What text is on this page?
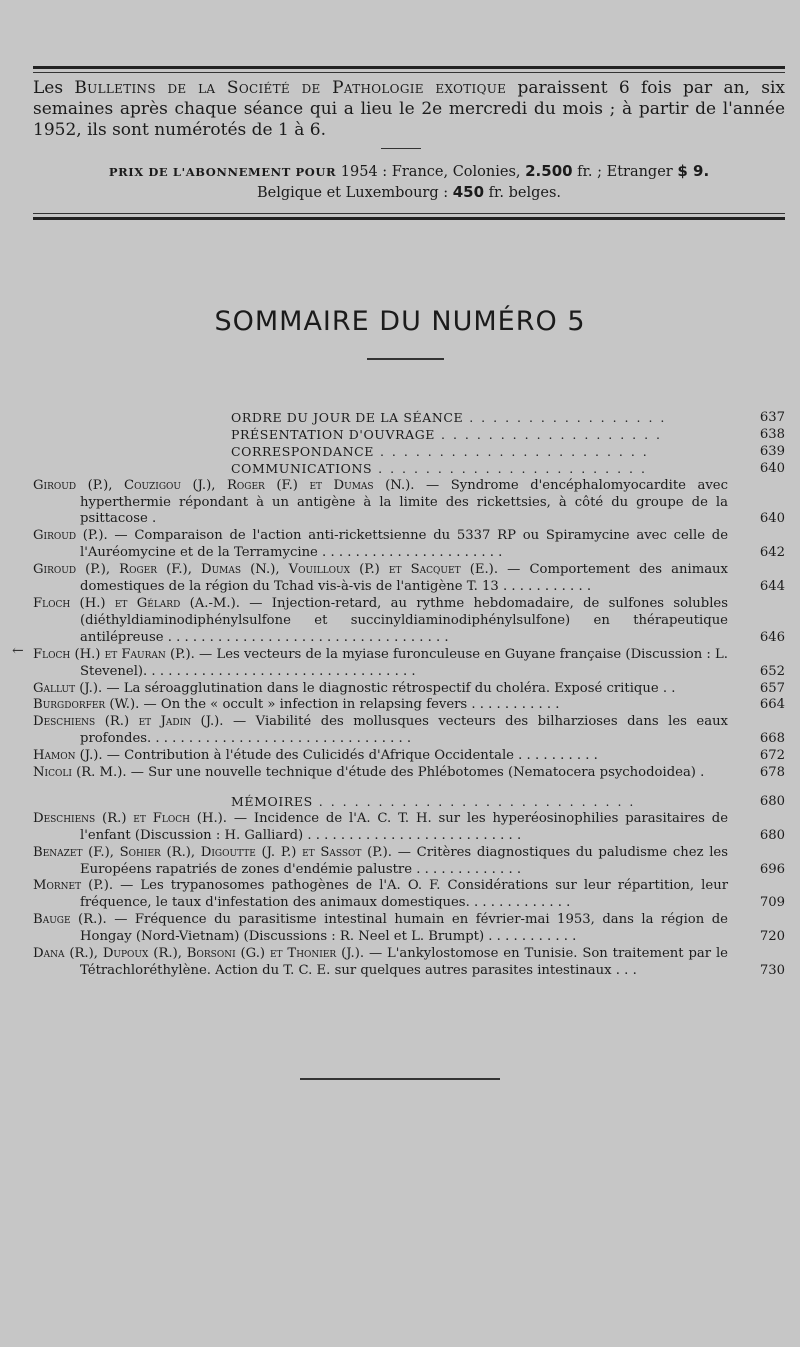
Les Bulletins de la Société de Pathologie exotique paraissent 6 fois par an, six semaines après chaque séance qui a lieu le 2e mercredi du mois ; à partir de l'année 1952, ils sont numérotés de 1 à 6.
PRIX DE L'ABONNEMENT POUR 1954 : France, Colonies, 2.500 fr. ; Etranger $ 9.
Belgique et Luxembourg : 450 fr. belges.
SOMMAIRE DU NUMÉRO 5
←
ORDRE DU JOUR DE LA SÉANCE . . . . . . . . . . . . . . . . .	637
PRÉSENTATION D'OUVRAGE . . . . . . . . . . . . . . . . . . .	638
CORRESPONDANCE . . . . . . . . . . . . . . . . . . . . . . .	639
COMMUNICATIONS . . . . . . . . . . . . . . . . . . . . . . .	640
Giroud (P.), Couzigou (J.), Roger (F.) et Dumas (N.). — Syndrome d'encéphalomyocardite avec hyperthermie répondant à un antigène à la limite des rickettsies, à côté du groupe de la psittacose .	640
Giroud (P.). — Comparaison de l'action anti-rickettsienne du 5337 RP ou Spiramycine avec celle de l'Auréomycine et de la Terramycine . . . . . . . . . . . . . . . . . . . . . .	642
Giroud (P.), Roger (F.), Dumas (N.), Vouilloux (P.) et Sacquet (E.). — Comportement des animaux domestiques de la région du Tchad vis-à-vis de l'antigène T. 13 . . . . . . . . . . .	644
Floch (H.) et Gélard (A.-M.). — Injection-retard, au rythme hebdomadaire, de sulfones solubles (diéthyldiaminodiphénylsulfone et succinyldiaminodiphénylsulfone) en thérapeutique antilépreuse . . . . . . . . . . . . . . . . . . . . . . . . . . . . . . . . . .	646
Floch (H.) et Fauran (P.). — Les vecteurs de la myiase furonculeuse en Guyane française (Discussion : L. Stevenel). . . . . . . . . . . . . . . . . . . . . . . . . . . . . . . . .	652
Gallut (J.). — La séroagglutination dans le diagnostic rétrospectif du choléra. Exposé critique . .	657
Burgdorfer (W.). — On the « occult » infection in relapsing fevers . . . . . . . . . . .	664
Deschiens (R.) et Jadin (J.). — Viabilité des mollusques vecteurs des bilharzioses dans les eaux profondes. . . . . . . . . . . . . . . . . . . . . . . . . . . . . . . .	668
Hamon (J.). — Contribution à l'étude des Culicidés d'Afrique Occidentale . . . . . . . . . .	672
Nicoli (R. M.). — Sur une nouvelle technique d'étude des Phlébotomes (Nematocera psychodoidea) .	678
MÉMOIRES . . . . . . . . . . . . . . . . . . . . . . . . . . .	680
Deschiens (R.) et Floch (H.). — Incidence de l'A. C. T. H. sur les hyperéosinophilies parasitaires de l'enfant (Discussion : H. Galliard) . . . . . . . . . . . . . . . . . . . . . . . . . .	680
Benazet (F.), Sohier (R.), Digoutte (J. P.) et Sassot (P.). — Critères diagnostiques du paludisme chez les Européens rapatriés de zones d'endémie palustre . . . . . . . . . . . . .	696
Mornet (P.). — Les trypanosomes pathogènes de l'A. O. F. Considérations sur leur répartition, leur fréquence, le taux d'infestation des animaux domestiques. . . . . . . . . . . . .	709
Bauge (R.). — Fréquence du parasitisme intestinal humain en février-mai 1953, dans la région de Hongay (Nord-Vietnam) (Discussions : R. Neel et L. Brumpt) . . . . . . . . . . .	720
Dana (R.), Dupoux (R.), Borsoni (G.) et Thonier (J.). — L'ankylostomose en Tunisie. Son traitement par le Tétrachloréthylène. Action du T. C. E. sur quelques autres parasites intestinaux . . .	730
